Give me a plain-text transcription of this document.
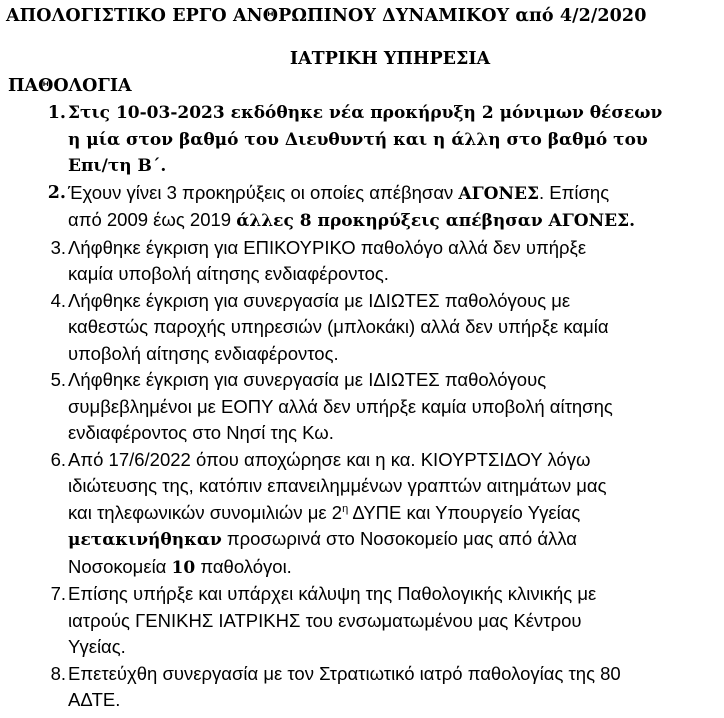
ΑΠΟΛΟΓΙΣΤΙΚΟ ΕΡΓΟ ΑΝΘΡΩΠΙΝΟΥ ΔΥΝΑΜΙΚΟΥ από 4/2/2020
ΙΑΤΡΙΚΗ ΥΠΗΡΕΣΙΑ
ΠΑΘΟΛΟΓΙΑ
1. Στις 10-03-2023 εκδόθηκε νέα προκήρυξη 2 μόνιμων θέσεων
η μία στον βαθμό του Διευθυντή και η άλλη στο βαθμό του
Επι/τη Β΄.
2. Έχουν γίνει 3 προκηρύξεις οι οποίες απέβησαν ΑΓΟΝΕΣ. Επίσης
από 2009 έως 2019 άλλες 8 προκηρύξεις απέβησαν ΑΓΟΝΕΣ.
3. Λήφθηκε έγκριση για ΕΠΙΚΟΥΡΙΚΟ παθολόγο αλλά δεν υπήρξε
καμία υποβολή αίτησης ενδιαφέροντος.
4. Λήφθηκε έγκριση για συνεργασία με ΙΔΙΩΤΕΣ παθολόγους με
καθεστώς παροχής υπηρεσιών (μπλοκάκι) αλλά δεν υπήρξε καμία
υποβολή αίτησης ενδιαφέροντος.
5. Λήφθηκε έγκριση για συνεργασία με ΙΔΙΩΤΕΣ παθολόγους
συμβεβλημένοι με ΕΟΠΥ αλλά δεν υπήρξε καμία υποβολή αίτησης
ενδιαφέροντος στο Νησί της Κω.
6. Από 17/6/2022 όπου αποχώρησε και η κα. ΚΙΟΥΡΤΣΙΔΟΥ λόγω
ιδιώτευσης της, κατόπιν επανειλημμένων γραπτών αιτημάτων μας
και τηλεφωνικών συνομιλιών με $2^\eta$ ΔΥΠΕ και Υπουργείο Υγείας
μετακινήθηκαν προσωρινά στο Νοσοκομείο μας από άλλα
Νοσοκομεία 10 παθολόγοι.
7. Επίσης υπήρξε και υπάρχει κάλυψη της Παθολογικής κλινικής με
ιατρούς ΓΕΝΙΚΗΣ ΙΑΤΡΙΚΗΣ του ενσωματωμένου μας Κέντρου
Υγείας.
8. Επετεύχθη συνεργασία με τον Στρατιωτικό ιατρό παθολογίας της 80
ΑΔΤΕ.
